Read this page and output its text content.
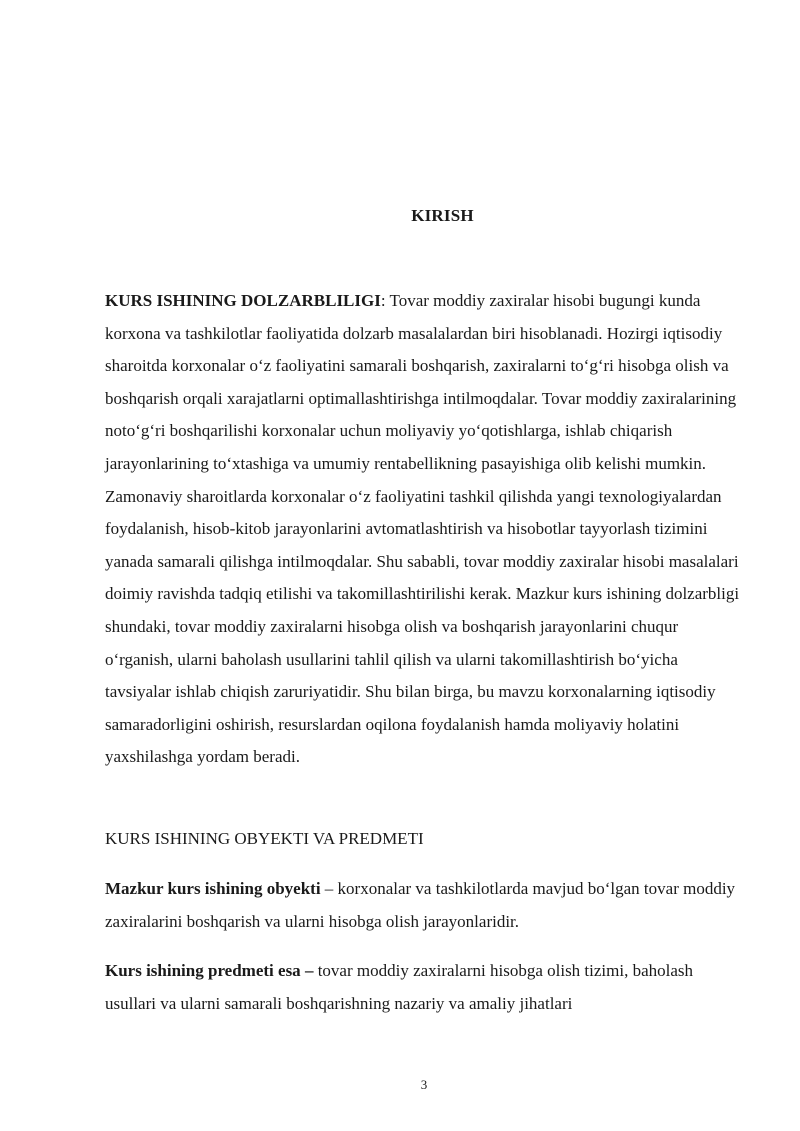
KIRISH

KURS ISHINING DOLZARBLILIGI: Tovar moddiy zaxiralar hisobi bugungi kunda korxona va tashkilotlar faoliyatida dolzarb masalalardan biri hisoblanadi. Hozirgi iqtisodiy sharoitda korxonalar o‘z faoliyatini samarali boshqarish, zaxiralarni to‘g‘ri hisobga olish va boshqarish orqali xarajatlarni optimallashtirishga intilmoqdalar. Tovar moddiy zaxiralarining noto‘g‘ri boshqarilishi korxonalar uchun moliyaviy yo‘qotishlarga, ishlab chiqarish jarayonlarining to‘xtashiga va umumiy rentabellikning pasayishiga olib kelishi mumkin. Zamonaviy sharoitlarda korxonalar o‘z faoliyatini tashkil qilishda yangi texnologiyalardan foydalanish, hisob-kitob jarayonlarini avtomatlashtirish va hisobotlar tayyorlash tizimini yanada samarali qilishga intilmoqdalar. Shu sababli, tovar moddiy zaxiralar hisobi masalalari doimiy ravishda tadqiq etilishi va takomillashtirilishi kerak. Mazkur kurs ishining dolzarbligi shundaki, tovar moddiy zaxiralarni hisobga olish va boshqarish jarayonlarini chuqur o‘rganish, ularni baholash usullarini tahlil qilish va ularni takomillashtirish bo‘yicha tavsiyalar ishlab chiqish zaruriyatidir. Shu bilan birga, bu mavzu korxonalarning iqtisodiy samaradorligini oshirish, resurslardan oqilona foydalanish hamda moliyaviy holatini yaxshilashga yordam beradi.

KURS ISHINING OBYEKTI VA PREDMETI

Mazkur kurs ishining obyekti – korxonalar va tashkilotlarda mavjud bo‘lgan tovar moddiy zaxiralarini boshqarish va ularni hisobga olish jarayonlaridir.

Kurs ishining predmeti esa – tovar moddiy zaxiralarni hisobga olish tizimi, baholash usullari va ularni samarali boshqarishning nazariy va amaliy jihatlari

3
